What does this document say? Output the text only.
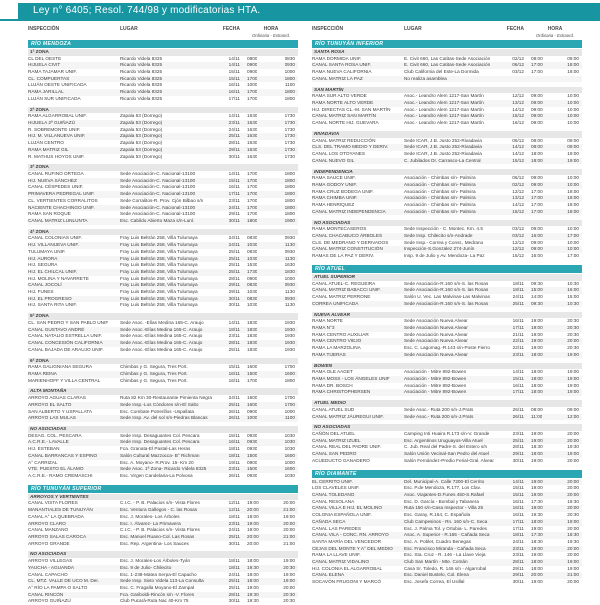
Ley n° 6405; Resol. 744/98 y modificatorias HTA.
INSPECCIÓN	LUGAR	FECHA	HORA
Ordinaria - Extraord.
RÍO MENDOZA
1ª ZONA
CL DEL OESTE	Ricardo Videla 8325	14/11	0800	0830
HIJUELA CIVIT	Ricardo Videla 8325	14/11	0900	0930
RAMA TAJAMAR UNIF.	Ricardo Videla 8325	15/11	0900	1000
CL. COMPUERTAS	Ricardo Videla 8325	15/11	1700	1800
LUJÁN OESTE UNIFICADA	Ricardo Videla 8325	16/11	1000	1100
RAMA JARILLAL	Ricardo Videla 8325	16/11	1700	1800
LUJÁN SUR UNIFICADA	Ricardo Videla 8325	17/11	1700	1800
2ª ZONA
RAMA ALGARROBAL UNIF.	Zapala 53 (Dorrego)	14/11	1630	1730
HIJUELA 2ª GUIÑAZÚ	Zapala 53 (Dorrego)	23/11	1630	1730
R. SOBREMONTE UNIF.	Zapala 53 (Dorrego)	24/11	1630	1730
HIJ. M. VILLANUEVA UNIF.	Zapala 53 (Dorrego)	25/11	1630	1730
LUJÁN CENTRO	Zapala 53 (Dorrego)	28/11	1630	1730
RAMA MATRIZ GIL	Zapala 53 (Dorrego)	29/11	1630	1730
R. MATHUS HOYOS UNIF.	Zapala 53 (Dorrego)	30/11	1630	1730
3ª ZONA
CANAL RUFINO ORTEGA	Sede Asociación-C. Nacional-13100	14/11	1700	1800
HIJ. NUEVA SÁNCHEZ	Sede Asociación-C. Nacional-13100	15/11	1700	1800
CANAL CÉSPEDES UNIF.	Sede Asociación-C. Nacional-13100	16/11	1700	1800
PRIMAVERA PEDREGAL UNIF.	Sede Asociación-C. Nacional-13100	17/11	1700	1800
CL. VERTIENTES CORRALITOS	Sede Corralitos-R. Prov. Cjón Bilbao s/n	23/11	1700	1800
NACIENTE CHACHINGO UNIF.	Sede Asociación-C. Nacional-13100	24/11	1700	1800
RAMA SAN ROQUE	Sede Asociación-C. Nacional-13100	29/11	1700	1800
CANAL MATRIZ LUNLUNTA	Esc. Cabildo Abierto Maza s/n-Lunl.	30/11	1800	1900
4ª ZONA
CANAL COLONIAS UNIF.	Fray Luis Beltrán 258, Villa Tulumaya	24/11	0830	0930
HIJ. VILLANUEVA UNIF.	Fray Luis Beltrán 258, Villa Tulumaya	24/11	1030	1130
TULUMAYA UNIF.	Fray Luis Beltrán 258, Villa Tulumaya	25/11	0830	0930
HIJ. AURORA	Fray Luis Beltrán 258, Villa Tulumaya	25/11	1030	1130
HIJ. SEGURA	Fray Luis Beltrán 258, Villa Tulumaya	25/11	1530	1630
HIJ. EL CHILCAL UNIF.	Fray Luis Beltrán 258, Villa Tulumaya	25/11	1730	1830
HIJ. MOLINA Y NAVARRETE	Fray Luis Beltrán 258, Villa Tulumaya	28/11	0900	1000
CANAL JOCOLÍ	Fray Luis Beltrán 258, Villa Tulumaya	29/11	0830	0930
HIJ. FUNES	Fray Luis Beltrán 258, Villa Tulumaya	29/11	1030	1130
HIJ. EL PROGRESO	Fray Luis Beltrán 258, Villa Tulumaya	30/11	0830	0930
HIJ. SANTA RITA UNIF.	Fray Luis Beltrán 258, Villa Tulumaya	30/11	1030	1130
5ª ZONA
CL. SAN PEDRO Y SAN PABLO UNIF	Sede Asoc. -Elías Medina 165-C. Araujo	14/11	1830	1930
CANAL GUSTAVO ANDRÉ	Sede Asoc.-Elías Medina 165-C. Araujo	18/11	1830	1930
CANAL NATALIO ESTRELLA UNIF.	Sede Asoc.-Elías Medina 165-C. Araujo	23/11	1830	1930
CANAL CONCESIÓN CALIFORNIA	Sede Asoc.-Elías Medina 165-C. Araujo	28/11	1830	1930
CANAL BAJADA DE ARAUJO UNIF.	Sede Asoc.-Elías Medina 165-C. Araujo	25/11	1830	1930
6ª ZONA
RAMA GALIGNIANA SEGURA	Chimbas y G. Segura, Tres Port.	15/11	1600	1700
RAMA REINA	Chimbas y G. Segura, Tres Port.	16/11	1500	1600
MARIENHOFF Y VILLA CENTRAL	Chimbas y G. Segura, Tres Port.	16/11	1700	1800
ALTA MONTAÑA
ARROYO AGUAS CLARAS	Ruta 82 Km 30-Restaurante Pimienta Negra	24/11	1600	1700
ARROYO EL SALTO	Sede Insp.-Los Cóndores s/n-El Salto	25/11	1600	1700
SAN ALBERTO Y USPALLATA	Esc. Combate Potrerillos -Uspallata	26/11	0900	1000
ARROYO LAS MULAS	Sede Insp. Av. del sol s/n-Piedras Blancas	26/11	1000	1100
NO ASOCIADAS
DESAG. COL. PESCARA	Sede Insp. Desaguantes Col. Pescara	15/11	0930	1030
A.C.R.E.- LAVALLE	Sede Insp. Desaguantes Col. Pescara	16/11	0930	1030
HIJ. ESTEBAN	Fca. Granata-El Pastal-Las Heras	18/11	0930	1030
CANAL BARRANCAS Y ESPINO	Salón Cultural Mazzocca- B° Richman	18/11	1500	1600
A° CARRIZAL	Esc. A. Moyano- R.Prov. 16- Km 20	19/11	0900	1000
VTE. PUESTO EL ÁLAMO	Sede Asoc. 1ª Zona- Ricardo Videla 8325	23/11	1500	1600
A.C.R.E.- RAMO CREMASCHI	Esc. Virgen Candelaria-La Polvosa	26/11	0930	1030
RÍO TUNUYÁN SUPERIOR
ARROYOS Y VERTIENTES
CANAL VISTA FLORES	C.I.C. - P. B. Palacios s/n- Vista Flores	12/11	19:00	20:00
MANANTIALES DE TUNUYÁN	Esc. Ventura Gallegos - C. las Rosas	12/11	20:00	21:00
CANAL A° LA QUEBRADA	Esc. J. Morales- Los Árboles	18/11	18:00	19:00
ARROYO CLARO	Esc. I. Álvarez- La Primavera	23/11	19:00	20:00
CANAL MANZANO	C.I.C. - P. B. Palacios s/n- Vista Flores	24/11	19:00	20:00
ARROYO SALAS CAROCA	Esc. Manuel Ruano-Col. Las Rosas	25/11	20:00	21:00
ARROYO GRANDE	Esc. Rep. Argentina- Los Sauces	30/11	20:00	21:00
NO ASOCIADAS
ARROYO VILLEGAS	Esc. J. Morales-Los Árboles-Tyán	18/11	18:00	19:00
YAUCHA - AGUANDA	Esc. 9 de Julio- Chilecito	18/11	19:30	20:30
CANAL CAPACHO	Esc. 1-238-Matea Serpa-El Capacho	24/11	18:00	19:00
CL. MTZ. VALLE DE UCO M. Der.	Sede Insp. Sixto Videla 113-La Consulta	25/11	18:00	19:00
A° RÍO LA PAMPA O SALTO	Esc. C. Fragalla Moyano-El Zampal	25/11	19:00	20:00
CANAL RINCÓN	Fca. Gariboldi-Rincón s/n -V. Flores	28/11	19:30	20:30
ARROYO GUIÑAZÚ	Club Pucará-Ruta Nac 40-Km 75	30/11	19:30	20:30
INSPECCIÓN	LUGAR	FECHA	HORA
Ordinaria - Extraord.
RÍO TUNUYÁN INFERIOR
SANTA ROSA
RAMA DORMIDA UNIF.	E. Civit 660, Las Catitas-Sede Asociación	02/12	08:00	09:00
CANAL SANTA ROSA UNIF.	E. Civit 660, Las Catitas-Sede Asociación	06/12	17:00	18:00
RAMA NUEVA CALIFORNIA	Club California del Este-La Dormida	03/12	17:00	18:00
CANAL MATRIZ LA PAZ	No realiza asamblea
SAN MARTÍN
RAMA SUR ALTO VERDE	Asoc.- Leandro Alem 1217-San Martín	12/12	09:00	10:00
RAMA NORTE ALTO VERDE	Asoc.- Leandro Alem 1217-San Martín	13/12	09:00	10:00
HIJ. DIRECTAS CL.-M. SAN MARTÍN	Asoc.- Leandro Alem 1217-San Martín	14/12	09:00	10:00
CANAL MATRIZ SAN MARTÍN	Asoc.- Leandro Alem 1217-San Martín	15/12	09:00	10:00
CANAL NORTE HIJ. GUEVARA	Asoc.- Leandro Alem 1217-San Martín	16/12	09:00	10:00
RIVADAVIA
CANAL MATRIZ REDUCCIÓN	Sede ICAR, J.B. Justo 252-Rivadavia	06/12	08:00	09:00
CLS. DEL TRAMO MEDIO Y DERIV.	Sede ICAR, J.B. Justo 252-Rivadavia	14/12	08:00	09:00
CANAL LOS OTOYANES	Sede ICAR, J.B. Justo 252-Rivadavia	14/12	18:00	19:00
CANAL NUEVO GIL	C. Jubilados Dr. Carrasco-La Central	15/12	18:00	19:00
INDEPENDENCIA
RAMA SAUCE UNIF.	Asociación - Chimbas s/n- Palmira	06/12	09:00	10:00
RAMA GODOY UNIF.	Asociación - Chimbas s/n- Palmira	02/12	09:00	10:00
RAMA CRUZ BODEGA UNIF.	Asociación - Chimbas s/n- Palmira	12/12	17:00	18:00
RAMA CHIMBA UNIF.	Asociación - Chimbas s/n- Palmira	13/12	17:00	18:00
RAMA HENRIQUEZ	Asociación - Chimbas s/n- Palmira	14/12	17:00	18:00
CANAL MATRIZ INDEPENDENCIA	Asociación - Chimbas s/n- Palmira	15/12	17:00	18:00
NO ASOCIADAS
RAMA MONTECASEROS	Sede Inspección - C. Montec. Km. 4.5	03/12	09:00	10:00
CANAL CHACABUCO ÁRBOLES	Sede Insp. Chilecito s/n-Andrade	03/12	16:00	17:00
CLS. DE MEDRANO Y DERIVADOS	Sede Insp.- Correa y Const., Medrano	12/12	09:00	10:00
CANAL MATRIZ CONSTITUCIÓN	Inspección-S.Gonzalez 274-Junín	12/12	09:00	10:00
RAMAS DE LA PAZ Y DERIV.	Insp. 9 de Julio y Av. Mendoza- La Paz	15/12	16:00	17:00
RÍO ATUEL
ATUEL SUPERIOR
CANAL ATUEL-C. REGUEIRA	Sede Asociación-R.160 s/n-S. las Rosas	18/11	09:30	10:30
CANAL MATRIZ BABACCI UNIF.	Sede Asociación-R.160 s/n-S. las Rosas	18/11	15:00	16:00
CANAL MATRIZ PERRONE	Salón U. Vec. Las Malvinas-Las Malvinas	24/11	14:00	15:00
CORREA UNIFICADA	Sede Asociación-R.160 s/n-S. las Rosas	25/11	09:30	10:30
NUEVA ALVEAR
RAMA NORTE	Sede Asociación Nueva Alvear	16/11	19:00	20:30
RAMA N°3	Sede Asociación Nueva Alvear	17/11	19:00	20:30
RAMA CENTRO AUXILIAR	Sede Asociación Nueva Alvear	21/11	19:00	20:30
RAMA CENTRO VIEJO	Sede Asociación Nueva Alvear	22/11	19:00	20:00
RAMA LA MARZOLINA	Esc. C. Lagomag.-R.143 s/n-Poste Fierro	22/11	19:00	20:30
RAMA TIJERAS	Sede Asociación Nueva Alvear	23/11	18:00	19:00
BOWEN
RAMA OLE AAGET	Asociación - Mitre 892-Bowen	14/11	18:00	19:00
RAMA MOSS - LOS ÁNGELES UNIF	Asociación - Mitre 892-Bowen	15/11	18:00	19:00
RAMA DR. BOSCH	Asociación - Mitre 892-Bowen	16/11	18:00	19:00
RAMA CHRISTOPHERSEN	Asociación - Mitre 892-Bowen	17/11	18:00	19:00
ATUEL MEDIO
CANAL ATUEL SUD	Sede Asoc.- Ruta 200 s/n-J.Prats	26/11	08:00	09:00
CANAL MATRIZ JÁUREGUI UNIF.	Sede Asoc.- Ruta 200 s/n-J.Prats	26/11	11:00	12:00
NO ASOCIADAS
CAÑÓN DEL ATUEL	Camping Inti Huaira R.173 s/n-V. Grande	23/11	19:00	20:00
CANAL MATRIZ IZUEL	Esc. Argentinos Uruguayos-Villa Atuel	25/11	19:00	20:00
CANAL REAL DEL PADRE UNIF.	C. Jub. Real del Padre-S. del Estero s/n	28/11	18:30	19:30
CANAL SAN PEDRO	Salón Unión Vecinal-San Pedro del Atuel	29/11	18:00	19:00
ACUEDUCTO GANADERO	Salón Fernández-Predio Ferial-Gral. Alvear	30/11	19:00	20:00
RÍO DIAMANTE
EL CERRITO UNIF.	Del. Municipal-A. Calle 7200-El Cerrito	14/11	19:00	20:00
LOS CLAVELES UNIF.	Esc. P.de Mendoza, R.177, Los Clav.	15/11	19:00	20:00
CANAL TOLEDANO	Asoc. Viajantes-D.Funes 450-S.Rafael	15/11	19:00	20:00
CANAL RESOLANA	Esc. D. García - Bombal y Tabanera	16/11	17:30	18:30
CANAL VILLA E HIJ. EL MOLINO	Ruta 150 s/n-Casa Inspector - Villa 25	16/11	19:00	20:00
COLONIA ESPAÑOLA UNIF.	Esc. Garay, R.154, C. Española	16/11	19:30	20:30
CAÑADA SECA	Club Campesinos - Rn. 160 s/n-C. Seca	17/11	18:00	19:00
CANAL LAS PAREDES	Esc. J. Palma Tol. y Ortubia- L. Paredes	17/11	19:00	20:00
CANAL VILA - CONC. RN. ARROYO	Asoc. A. Superior - R.165 - Cañada Seca	18/11	17:30	18:30
SANTA MARÍA DEL VENCEDOR	Esc. A. Poblet, Cuadro Benegas	24/11	18:30	19:30
CEJAS DEL MONTE Y A° DEL MEDIO	Esc. Francisco Miranda - Cañada Seca	23/11	19:00	20:00
RAMA LA LLAVE UNIF.	Esc. Sta. Cruz - R. 146 - La Llave Vieja	23/11	19:00	20:00
CANAL MATRIZ VIDALINO	Club San Martín - Mte. Comán	28/11	18:00	19:00
HIJ. COLONIA EL ALGARROBAL	Casa Sr. Toledo, R. 146 s/n - Algarrobal	29/11	18:00	19:00
CANAL ELENA	Esc. Daniel Bustelo, Col. Elena	29/11	20:00	21:00
SOCAVÓN FRUGONI Y MARCÓ	Esc. Josefa Correa, El Usillal	30/11	19:00	20:00
